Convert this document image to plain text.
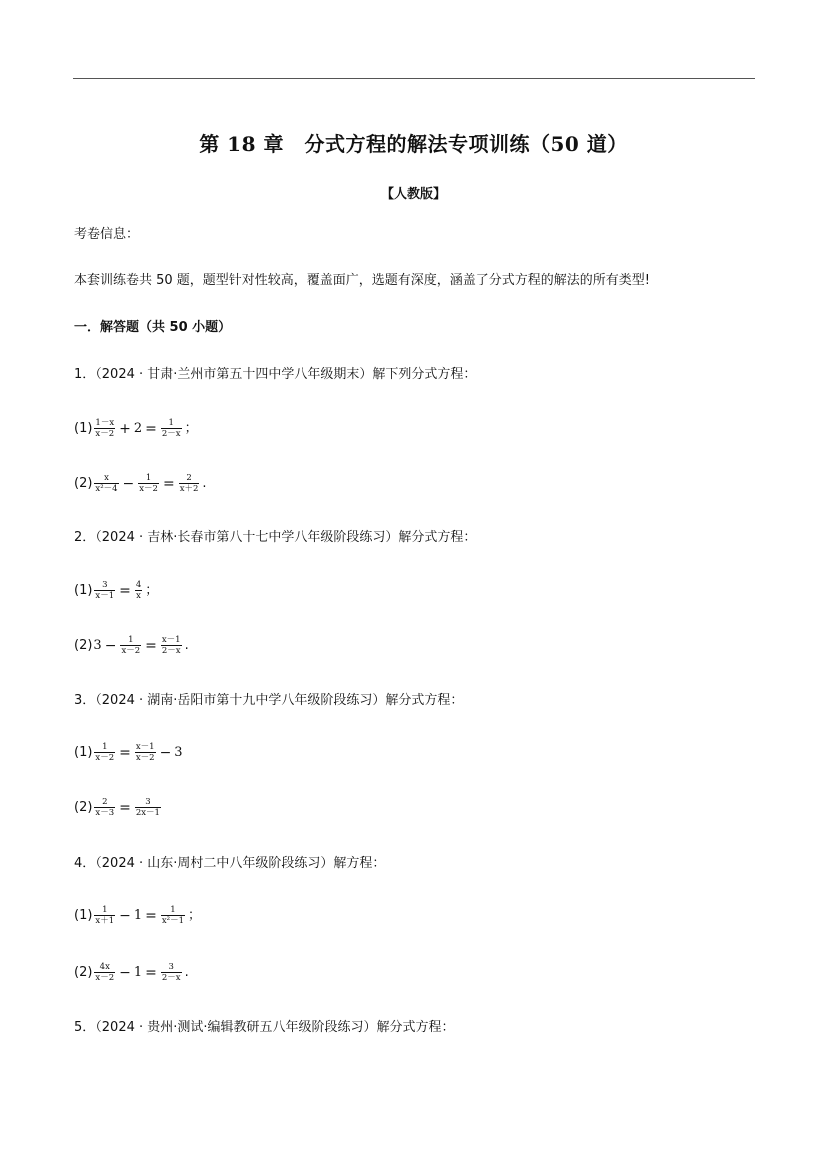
第 18 章　分式方程的解法专项训练（50 道）
【人教版】
考卷信息：
本套训练卷共 50 题，题型针对性较高，覆盖面广，选题有深度，涵盖了分式方程的解法的所有类型!
一．解答题（共 50 小题）
1．（2024 · 甘肃·兰州市第五十四中学八年级期末）解下列分式方程：
$(1) \frac{1-x}{x-2} + 2 = \frac{1}{2-x}$ ；
$(2) \frac{x}{\text{x²－4}} - \frac{1}{x-2} = \frac{2}{x+2}$ .
2．（2024 · 吉林·长春市第八十七中学八年级阶段练习）解分式方程：
$(1) \frac{3}{x-1} = \frac{4}{x}$ ；
(2) $3 - \frac{1}{x-2} = \frac{x-1}{2-x}$ .
3．（2024 · 湖南·岳阳市第十九中学八年级阶段练习）解分式方程：
$(1) \frac{1}{x-2} = \frac{x-1}{x-2} - 3$
$(2) \frac{2}{x-3} = \frac{3}{2x-1}$
4．（2024 · 山东·周村二中八年级阶段练习）解方程：
$(1) \frac{1}{x+1} - 1 = \frac{1}{\text{x²－1}}$ ；
$(2) \frac{4x}{x-2} - 1 = \frac{3}{2-x}$ .
5．（2024 · 贵州·测试·编辑教研五八年级阶段练习）解分式方程：
